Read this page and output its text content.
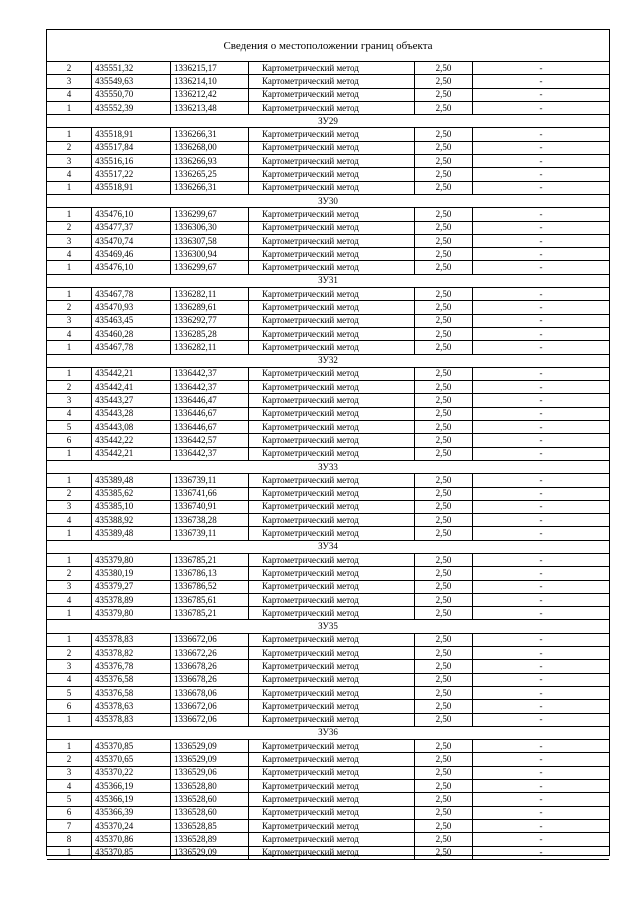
Сведения о местоположении границ объекта
2	435551,32	1336215,17	Картометрический метод	2,50	-
3	435549,63	1336214,10	Картометрический метод	2,50	-
4	435550,70	1336212,42	Картометрический метод	2,50	-
1	435552,39	1336213,48	Картометрический метод	2,50	-
ЗУ29					
1	435518,91	1336266,31	Картометрический метод	2,50	-
2	435517,84	1336268,00	Картометрический метод	2,50	-
3	435516,16	1336266,93	Картометрический метод	2,50	-
4	435517,22	1336265,25	Картометрический метод	2,50	-
1	435518,91	1336266,31	Картометрический метод	2,50	-
ЗУ30					
1	435476,10	1336299,67	Картометрический метод	2,50	-
2	435477,37	1336306,30	Картометрический метод	2,50	-
3	435470,74	1336307,58	Картометрический метод	2,50	-
4	435469,46	1336300,94	Картометрический метод	2,50	-
1	435476,10	1336299,67	Картометрический метод	2,50	-
ЗУ31					
1	435467,78	1336282,11	Картометрический метод	2,50	-
2	435470,93	1336289,61	Картометрический метод	2,50	-
3	435463,45	1336292,77	Картометрический метод	2,50	-
4	435460,28	1336285,28	Картометрический метод	2,50	-
1	435467,78	1336282,11	Картометрический метод	2,50	-
ЗУ32					
1	435442,21	1336442,37	Картометрический метод	2,50	-
2	435442,41	1336442,37	Картометрический метод	2,50	-
3	435443,27	1336446,47	Картометрический метод	2,50	-
4	435443,28	1336446,67	Картометрический метод	2,50	-
5	435443,08	1336446,67	Картометрический метод	2,50	-
6	435442,22	1336442,57	Картометрический метод	2,50	-
1	435442,21	1336442,37	Картометрический метод	2,50	-
ЗУ33					
1	435389,48	1336739,11	Картометрический метод	2,50	-
2	435385,62	1336741,66	Картометрический метод	2,50	-
3	435385,10	1336740,91	Картометрический метод	2,50	-
4	435388,92	1336738,28	Картометрический метод	2,50	-
1	435389,48	1336739,11	Картометрический метод	2,50	-
ЗУ34					
1	435379,80	1336785,21	Картометрический метод	2,50	-
2	435380,19	1336786,13	Картометрический метод	2,50	-
3	435379,27	1336786,52	Картометрический метод	2,50	-
4	435378,89	1336785,61	Картометрический метод	2,50	-
1	435379,80	1336785,21	Картометрический метод	2,50	-
ЗУ35					
1	435378,83	1336672,06	Картометрический метод	2,50	-
2	435378,82	1336672,26	Картометрический метод	2,50	-
3	435376,78	1336678,26	Картометрический метод	2,50	-
4	435376,58	1336678,26	Картометрический метод	2,50	-
5	435376,58	1336678,06	Картометрический метод	2,50	-
6	435378,63	1336672,06	Картометрический метод	2,50	-
1	435378,83	1336672,06	Картометрический метод	2,50	-
ЗУ36					
1	435370,85	1336529,09	Картометрический метод	2,50	-
2	435370,65	1336529,09	Картометрический метод	2,50	-
3	435370,22	1336529,06	Картометрический метод	2,50	-
4	435366,19	1336528,80	Картометрический метод	2,50	-
5	435366,19	1336528,60	Картометрический метод	2,50	-
6	435366,39	1336528,60	Картометрический метод	2,50	-
7	435370,24	1336528,85	Картометрический метод	2,50	-
8	435370,86	1336528,89	Картометрический метод	2,50	-
1	435370,85	1336529,09	Картометрический метод	2,50	-
